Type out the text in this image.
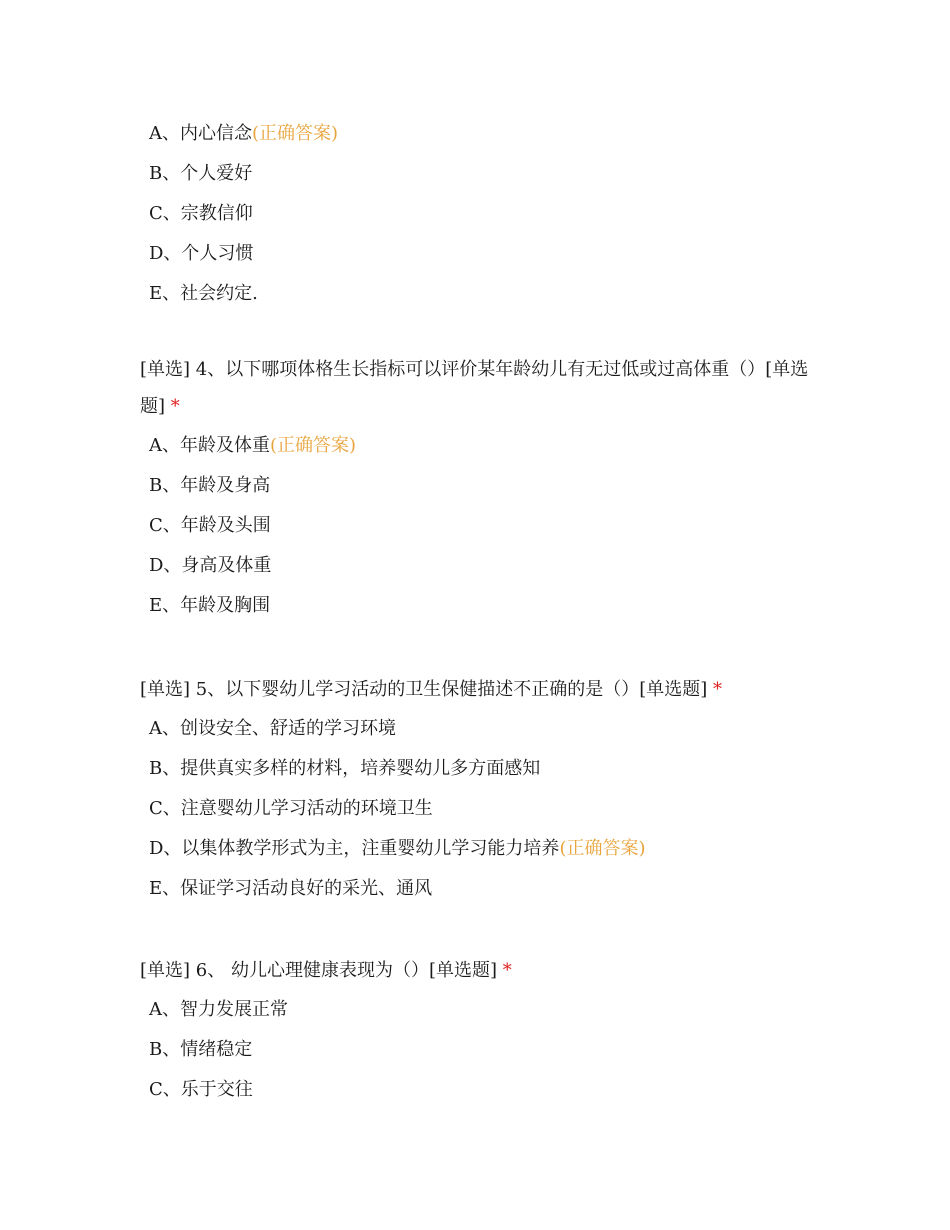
A、内心信念(正确答案)
B、个人爱好
C、宗教信仰
D、个人习惯
E、社会约定.
[单选] 4、以下哪项体格生长指标可以评价某年龄幼儿有无过低或过高体重（）[单选题] *
A、年龄及体重(正确答案)
B、年龄及身高
C、年龄及头围
D、身高及体重
E、年龄及胸围
[单选] 5、以下婴幼儿学习活动的卫生保健描述不正确的是（）[单选题] *
A、创设安全、舒适的学习环境
B、提供真实多样的材料，培养婴幼儿多方面感知
C、注意婴幼儿学习活动的环境卫生
D、以集体教学形式为主，注重婴幼儿学习能力培养(正确答案)
E、保证学习活动良好的采光、通风
[单选] 6、 幼儿心理健康表现为（）[单选题] *
A、智力发展正常
B、情绪稳定
C、乐于交往
